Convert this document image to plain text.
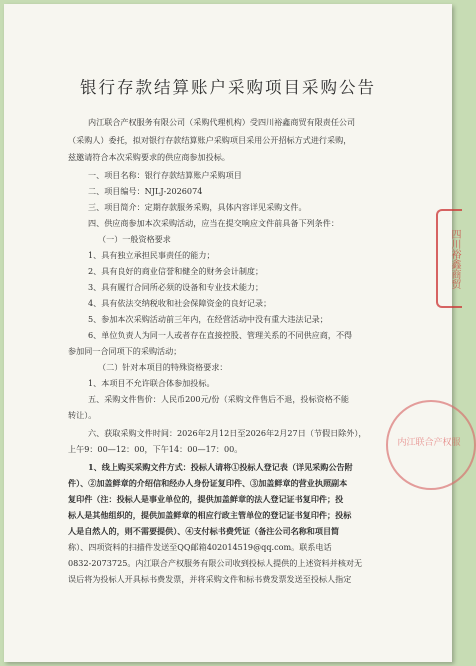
银行存款结算账户采购项目采购公告
内江联合产权服务有限公司（采购代理机构）受四川裕鑫商贸有限责任公司
（采购人）委托，拟对银行存款结算账户采购项目采用公开招标方式进行采购，
兹邀请符合本次采购要求的供应商参加投标。
一、项目名称：银行存款结算账户采购项目
二、项目编号：NJLJ-2026074
三、项目简介：定期存款服务采购，具体内容详见采购文件。
四、供应商参加本次采购活动，应当在提交响应文件前具备下列条件：
（一）一般资格要求
1、具有独立承担民事责任的能力；
2、具有良好的商业信誉和健全的财务会计制度；
3、具有履行合同所必须的设备和专业技术能力；
4、具有依法交纳税收和社会保障资金的良好记录；
5、参加本次采购活动前三年内，在经营活动中没有重大违法记录；
6、单位负责人为同一人或者存在直接控股、管理关系的不同供应商，不得
参加同一合同项下的采购活动；
（二）针对本项目的特殊资格要求：
1、本项目不允许联合体参加投标。
五、采购文件售价：人民币200元/份（采购文件售后不退，投标资格不能
转让）。
六、获取采购文件时间：2026年2月12日至2026年2月27日（节假日除外），
上午9：00—12：00，下午14：00—17：00。
1、线上购买采购文件方式：投标人请将①投标人登记表（详见采购公告附
件）、②加盖鲜章的介绍信和经办人身份证复印件、③加盖鲜章的营业执照副本
复印件（注：投标人是事业单位的，提供加盖鲜章的法人登记证书复印件；投
标人是其他组织的，提供加盖鲜章的相应行政主管单位的登记证书复印件；投标
人是自然人的，则不需要提供）、④支付标书费凭证（备注公司名称和项目简
称）、四项资料的扫描件发送至QQ邮箱402014519@qq.com。联系电话
0832-2073725。内江联合产权服务有限公司收到投标人提供的上述资料并核对无
误后将为投标人开具标书费发票，并将采购文件和标书费发票发送至投标人指定
四川裕鑫商贸
内江联合产权服
